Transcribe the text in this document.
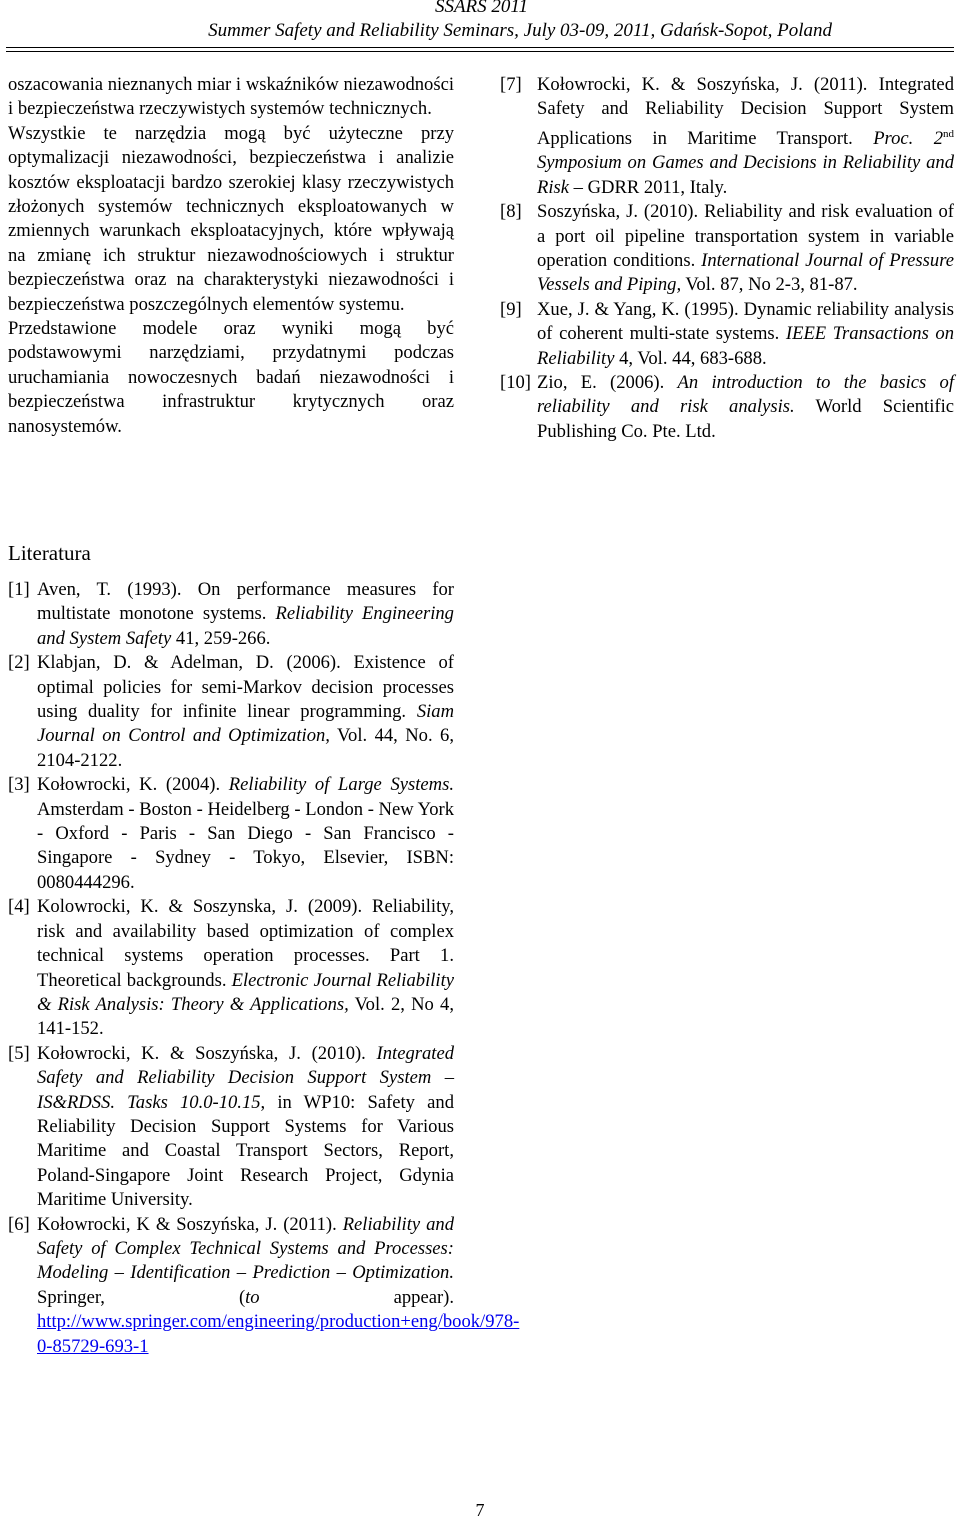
SSARS 2011
Summer Safety and Reliability Seminars, July 03-09, 2011, Gdańsk-Sopot, Poland

oszacowania nieznanych miar i wskaźników niezawodności i bezpieczeństwa rzeczywistych systemów technicznych.

Wszystkie te narzędzia mogą być użyteczne przy optymalizacji niezawodności, bezpieczeństwa i analizie kosztów eksploatacji bardzo szerokiej klasy rzeczywistych złożonych systemów technicznych eksploatowanych w zmiennych warunkach eksploatacyjnych, które wpływają na zmianę ich struktur niezawodnościowych i struktur bezpieczeństwa oraz na charakterystyki niezawodności i bezpieczeństwa poszczególnych elementów systemu.

Przedstawione modele oraz wyniki mogą być podstawowymi narzędziami, przydatnymi podczas uruchamiania nowoczesnych badań niezawodności i bezpieczeństwa infrastruktur krytycznych oraz nanosystemów.

Literatura

[1] Aven, T. (1993). On performance measures for multistate monotone systems. Reliability Engineering and System Safety 41, 259-266.

[2] Klabjan, D. & Adelman, D. (2006). Existence of optimal policies for semi-Markov decision processes using duality for infinite linear programming. Siam Journal on Control and Optimization, Vol. 44, No. 6, 2104-2122.

[3] Kołowrocki, K. (2004). Reliability of Large Systems. Amsterdam - Boston - Heidelberg - London - New York - Oxford - Paris - San Diego - San Francisco - Singapore - Sydney - Tokyo, Elsevier, ISBN: 0080444296.

[4] Kolowrocki, K. & Soszynska, J. (2009). Reliability, risk and availability based optimization of complex technical systems operation processes. Part 1. Theoretical backgrounds. Electronic Journal Reliability & Risk Analysis: Theory & Applications, Vol. 2, No 4, 141-152.

[5] Kołowrocki, K. & Soszyńska, J. (2010). Integrated Safety and Reliability Decision Support System – IS&RDSS. Tasks 10.0-10.15, in WP10: Safety and Reliability Decision Support Systems for Various Maritime and Coastal Transport Sectors, Report, Poland-Singapore Joint Research Project, Gdynia Maritime University.

[6] Kołowrocki, K & Soszyńska, J. (2011). Reliability and Safety of Complex Technical Systems and Processes: Modeling – Identification – Prediction – Optimization. Springer, (to appear). http://www.springer.com/engineering/production+eng/book/978-0-85729-693-1

[7] Kołowrocki, K. & Soszyńska, J. (2011). Integrated Safety and Reliability Decision Support System Applications in Maritime Transport. Proc. 2nd Symposium on Games and Decisions in Reliability and Risk – GDRR 2011, Italy.

[8] Soszyńska, J. (2010). Reliability and risk evaluation of a port oil pipeline transportation system in variable operation conditions. International Journal of Pressure Vessels and Piping, Vol. 87, No 2-3, 81-87.

[9] Xue, J. & Yang, K. (1995). Dynamic reliability analysis of coherent multi-state systems. IEEE Transactions on Reliability 4, Vol. 44, 683-688.

[10] Zio, E. (2006). An introduction to the basics of reliability and risk analysis. World Scientific Publishing Co. Pte. Ltd.

7
